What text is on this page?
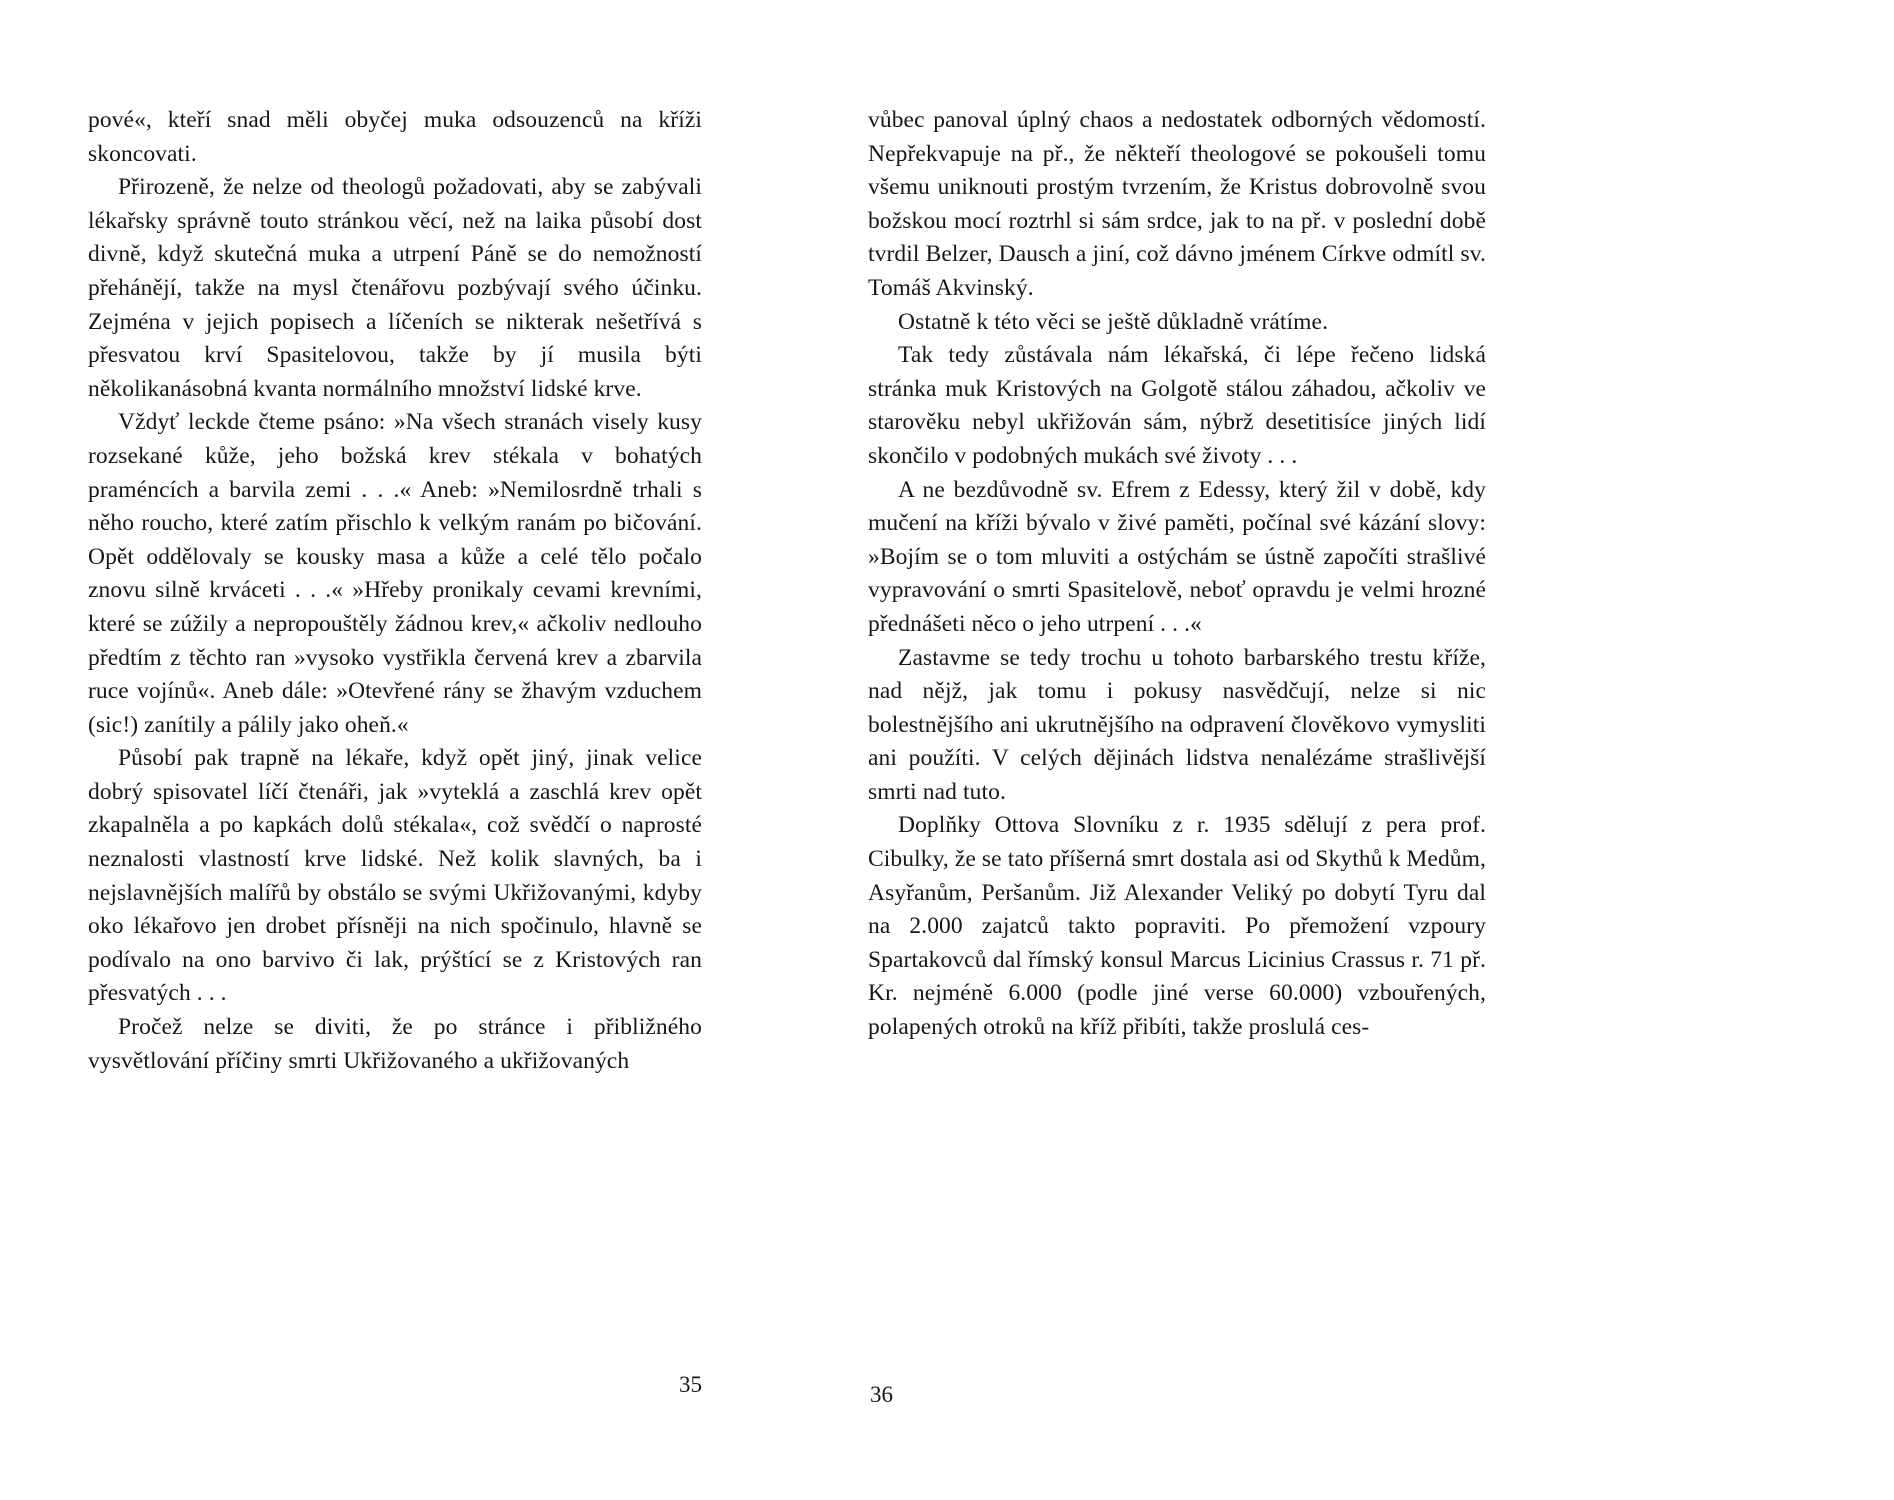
pové«, kteří snad měli obyčej muka odsouzenců na kříži skoncovati.

Přirozeně, že nelze od theologů požadovati, aby se zabývali lékařsky správně touto stránkou věcí, než na laika působí dost divně, když skutečná muka a utrpení Páně se do nemožností přehánějí, takže na mysl čtenářovu pozbývají svého účinku. Zejména v jejich popisech a líčeních se nikterak nešetřívá s přesvatou krví Spasitelovou, takže by jí musila býti několikanásobná kvanta normálního množství lidské krve.

Vždyť leckde čteme psáno: »Na všech stranách visely kusy rozsekané kůže, jeho božská krev stékala v bohatých praméncích a barvila zemi . . .« Aneb: »Nemilosrdně trhali s něho roucho, které zatím přischlo k velkým ranám po bičování. Opět oddělovaly se kousky masa a kůže a celé tělo počalo znovu silně krváceti . . .« »Hřeby pronikaly cevami krevními, které se zúžily a nepropouštěly žádnou krev,« ačkoliv nedlouho předtím z těchto ran »vysoko vystřikla červená krev a zbarvila ruce vojínů«. Aneb dále: »Otevřené rány se žhavým vzduchem (sic!) zanítily a pálily jako oheň.«

Působí pak trapně na lékaře, když opět jiný, jinak velice dobrý spisovatel líčí čtenáři, jak »vyteklá a zaschlá krev opět zkapalněla a po kapkách dolů stékala«, což svědčí o naprosté neznalosti vlastností krve lidské. Než kolik slavných, ba i nejslavnějších malířů by obstálo se svými Ukřižovanými, kdyby oko lékařovo jen drobet přísněji na nich spočinulo, hlavně se podívalo na ono barvivo či lak, prýštící se z Kristových ran přesvatých . . .

Pročež nelze se diviti, že po stránce i přibližného vysvětlování příčiny smrti Ukřižovaného a ukřižovaných

vůbec panoval úplný chaos a nedostatek odborných vědomostí. Nepřekvapuje na př., že někteří theologové se pokoušeli tomu všemu uniknouti prostým tvrzením, že Kristus dobrovolně svou božskou mocí roztrhl si sám srdce, jak to na př. v poslední době tvrdil Belzer, Dausch a jiní, což dávno jménem Církve odmítl sv. Tomáš Akvinský.

Ostatně k této věci se ještě důkladně vrátíme.

Tak tedy zůstávala nám lékařská, či lépe řečeno lidská stránka muk Kristových na Golgotě stálou záhadou, ačkoliv ve starověku nebyl ukřižován sám, nýbrž desetitisíce jiných lidí skončilo v podobných mukách své životy . . .

A ne bezdůvodně sv. Efrem z Edessy, který žil v době, kdy mučení na kříži bývalo v živé paměti, počínal své kázání slovy: »Bojím se o tom mluviti a ostýchám se ústně započíti strašlivé vypravování o smrti Spasitelově, neboť opravdu je velmi hrozné přednášeti něco o jeho utrpení . . .«

Zastavme se tedy trochu u tohoto barbarského trestu kříže, nad nějž, jak tomu i pokusy nasvědčují, nelze si nic bolestnějšího ani ukrutnějšího na odpravení člověkovo vymysliti ani použíti. V celých dějinách lidstva nenalézáme strašlivější smrti nad tuto.

Doplňky Ottova Slovníku z r. 1935 sdělují z pera prof. Cibulky, že se tato příšerná smrt dostala asi od Skythů k Medům, Asyřanům, Peršanům. Již Alexander Veliký po dobytí Tyru dal na 2.000 zajatců takto popraviti. Po přemožení vzpoury Spartakovců dal římský konsul Marcus Licinius Crassus r. 71 př. Kr. nejméně 6.000 (podle jiné verse 60.000) vzbouřených, polapených otroků na kříž přibíti, takže proslulá ces-

35	36
